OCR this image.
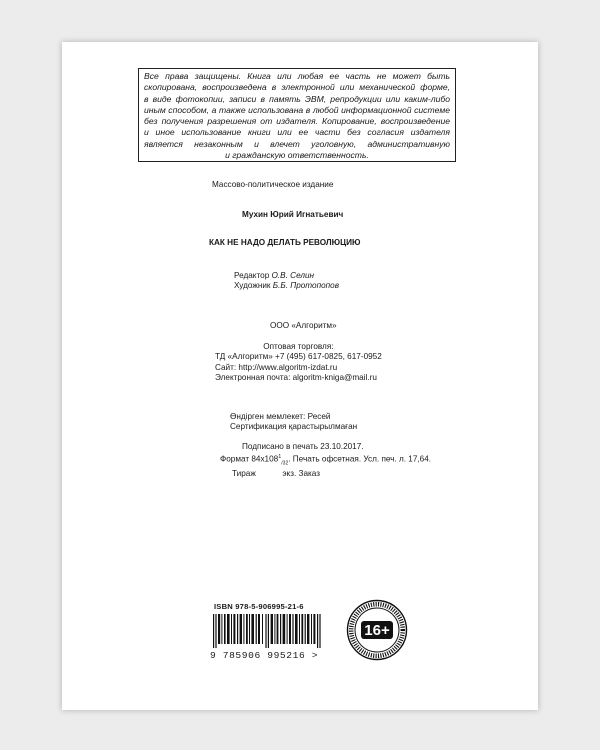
Все права защищены. Книга или любая ее часть не может быть
скопирована, воспроизведена в электронной или механической форме,
в виде фотокопии, записи в память ЭВМ, репродукции или каким-либо
иным способом, а также использована в любой информационной системе
без получения разрешения от издателя. Копирование, воспроизведение
и иное использование книги или ее части без согласия издателя
является незаконным и влечет уголовную, административную
и гражданскую ответственность.

Массово-политическое издание
Мухин Юрий Игнатьевич
КАК НЕ НАДО ДЕЛАТЬ РЕВОЛЮЦИЮ
Редактор О.В. Селин
Художник Б.Б. Протопопов
ООО «Алгоритм»
Оптовая торговля:
ТД «Алгоритм» +7 (495) 617-0825, 617-0952
Сайт: http://www.algoritm-izdat.ru
Электронная почта: algoritm-kniga@mail.ru
Өндірген мемлекет: Ресей
Сертификация қарастырылмаған
Подписано в печать 23.10.2017.
Формат $84х108^1_{/32}$. Печать офсетная. Усл. печ. л. 17,64.
Тираж	экз. Заказ
ISBN 978-5-906995-21-6
9 785906 995216 >
16+
